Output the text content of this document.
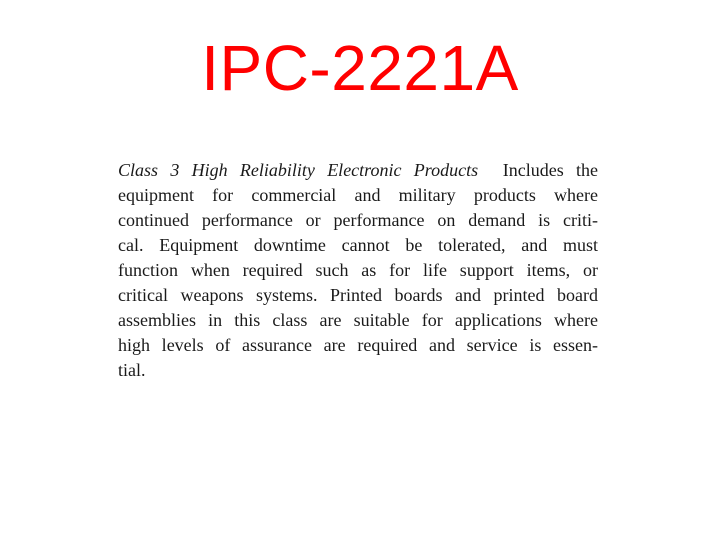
IPC-2221A
Class 3 High Reliability Electronic Products Includes the
equipment for commercial and military products where
continued performance or performance on demand is criti-
cal. Equipment downtime cannot be tolerated, and must
function when required such as for life support items, or
critical weapons systems. Printed boards and printed board
assemblies in this class are suitable for applications where
high levels of assurance are required and service is essen-
tial.
